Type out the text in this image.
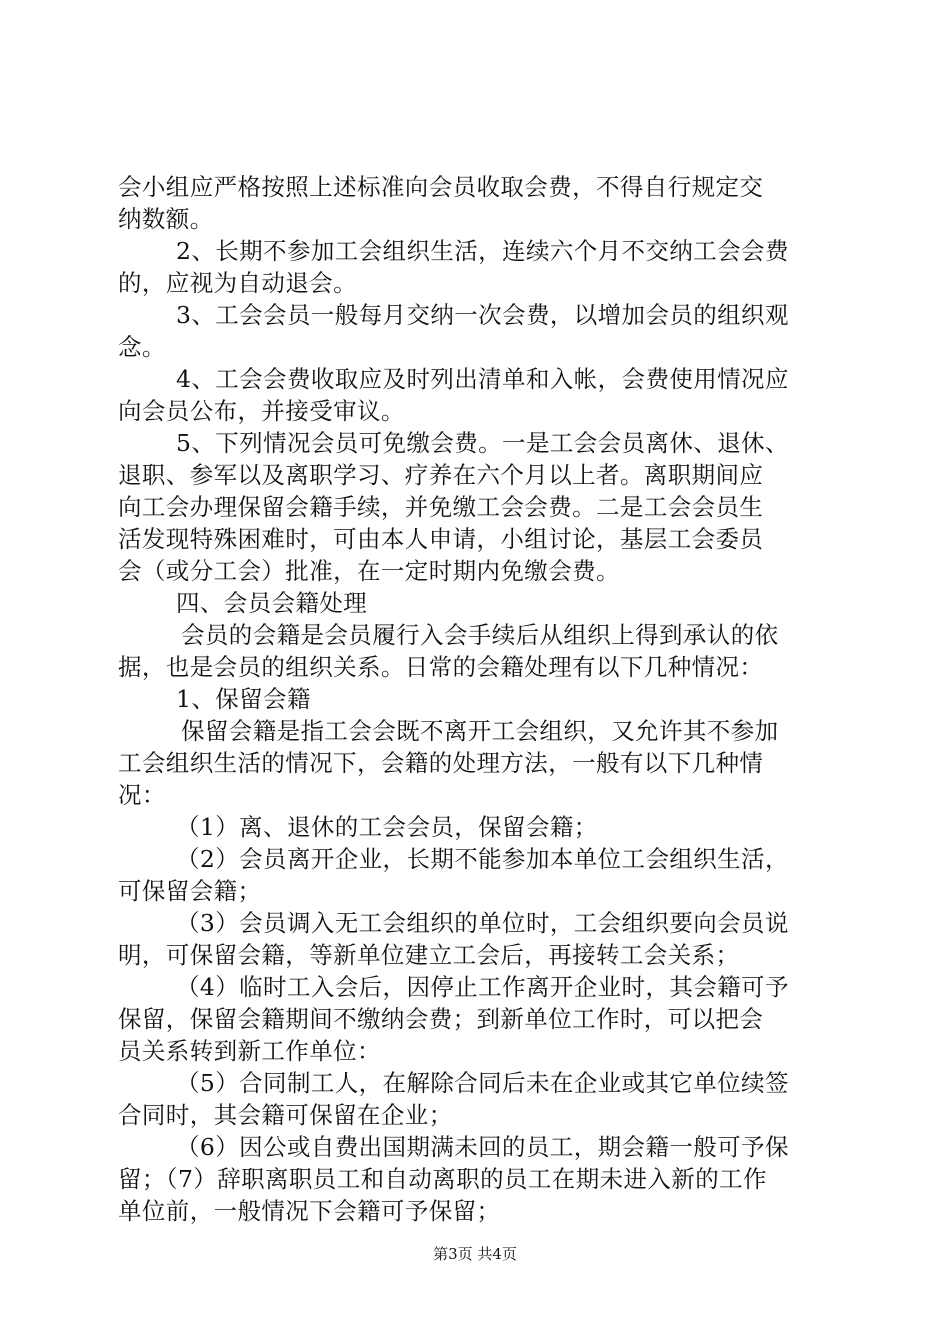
会小组应严格按照上述标准向会员收取会费，不得自行规定交
纳数额。
2、长期不参加工会组织生活，连续六个月不交纳工会会费
的，应视为自动退会。
3、工会会员一般每月交纳一次会费，以增加会员的组织观
念。
4、工会会费收取应及时列出清单和入帐，会费使用情况应
向会员公布，并接受审议。
5、下列情况会员可免缴会费。一是工会会员离休、退休、
退职、参军以及离职学习、疗养在六个月以上者。离职期间应
向工会办理保留会籍手续，并免缴工会会费。二是工会会员生
活发现特殊困难时，可由本人申请，小组讨论，基层工会委员
会（或分工会）批准，在一定时期内免缴会费。
四、会员会籍处理
会员的会籍是会员履行入会手续后从组织上得到承认的依
据，也是会员的组织关系。日常的会籍处理有以下几种情况：
1、保留会籍
保留会籍是指工会会既不离开工会组织，又允许其不参加
工会组织生活的情况下，会籍的处理方法，一般有以下几种情
况：
（1）离、退休的工会会员，保留会籍；
（2）会员离开企业，长期不能参加本单位工会组织生活，
可保留会籍；
（3）会员调入无工会组织的单位时，工会组织要向会员说
明，可保留会籍，等新单位建立工会后，再接转工会关系；
（4）临时工入会后，因停止工作离开企业时，其会籍可予
保留，保留会籍期间不缴纳会费；到新单位工作时，可以把会
员关系转到新工作单位：
（5）合同制工人，在解除合同后未在企业或其它单位续签
合同时，其会籍可保留在企业；
（6）因公或自费出国期满未回的员工，期会籍一般可予保
留；（7）辞职离职员工和自动离职的员工在期未进入新的工作
单位前，一般情况下会籍可予保留；
第3页 共4页
